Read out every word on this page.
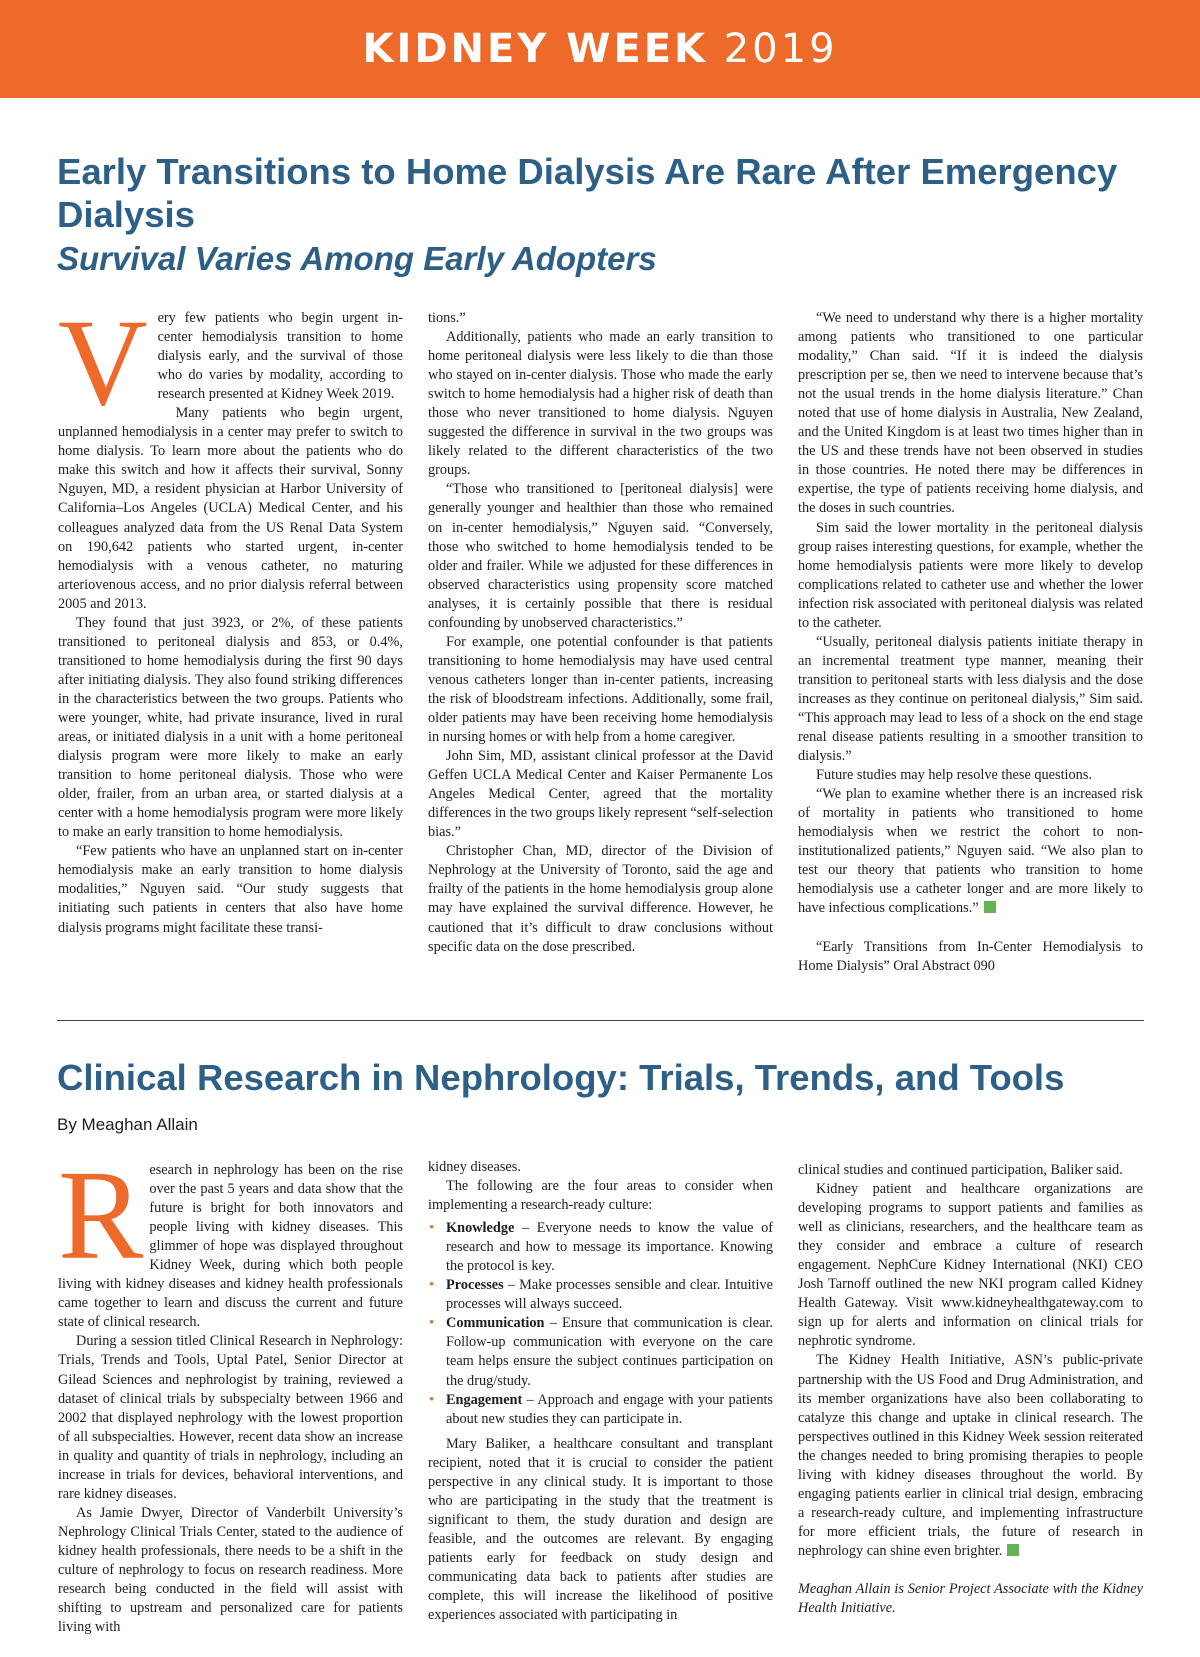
KIDNEY WEEK 2019
Early Transitions to Home Dialysis Are Rare After Emergency Dialysis
Survival Varies Among Early Adopters

Very few patients who begin urgent in-center hemodialysis transition to home dialysis early, and the survival of those who do varies by modality, according to research presented at Kidney Week 2019.

Many patients who begin urgent, unplanned hemodialysis in a center may prefer to switch to home dialysis. To learn more about the patients who do make this switch and how it affects their survival, Sonny Nguyen, MD, a resident physician at Harbor University of California–Los Angeles (UCLA) Medical Center, and his colleagues analyzed data from the US Renal Data System on 190,642 patients who started urgent, in-center hemodialysis with a venous catheter, no maturing arteriovenous access, and no prior dialysis referral between 2005 and 2013.

They found that just 3923, or 2%, of these patients transitioned to peritoneal dialysis and 853, or 0.4%, transitioned to home hemodialysis during the first 90 days after initiating dialysis. They also found striking differences in the characteristics between the two groups. Patients who were younger, white, had private insurance, lived in rural areas, or initiated dialysis in a unit with a home peritoneal dialysis program were more likely to make an early transition to home peritoneal dialysis. Those who were older, frailer, from an urban area, or started dialysis at a center with a home hemodialysis program were more likely to make an early transition to home hemodialysis.

“Few patients who have an unplanned start on in-center hemodialysis make an early transition to home dialysis modalities,” Nguyen said. “Our study suggests that initiating such patients in centers that also have home dialysis programs might facilitate these transi-

tions.”

Additionally, patients who made an early transition to home peritoneal dialysis were less likely to die than those who stayed on in-center dialysis. Those who made the early switch to home hemodialysis had a higher risk of death than those who never transitioned to home dialysis. Nguyen suggested the difference in survival in the two groups was likely related to the different characteristics of the two groups.

“Those who transitioned to [peritoneal dialysis] were generally younger and healthier than those who remained on in-center hemodialysis,” Nguyen said. “Conversely, those who switched to home hemodialysis tended to be older and frailer. While we adjusted for these differences in observed characteristics using propensity score matched analyses, it is certainly possible that there is residual confounding by unobserved characteristics.”

For example, one potential confounder is that patients transitioning to home hemodialysis may have used central venous catheters longer than in-center patients, increasing the risk of bloodstream infections. Additionally, some frail, older patients may have been receiving home hemodialysis in nursing homes or with help from a home caregiver.

John Sim, MD, assistant clinical professor at the David Geffen UCLA Medical Center and Kaiser Permanente Los Angeles Medical Center, agreed that the mortality differences in the two groups likely represent “self-selection bias.”

Christopher Chan, MD, director of the Division of Nephrology at the University of Toronto, said the age and frailty of the patients in the home hemodialysis group alone may have explained the survival difference. However, he cautioned that it’s difficult to draw conclusions without specific data on the dose prescribed.

“We need to understand why there is a higher mortality among patients who transitioned to one particular modality,” Chan said. “If it is indeed the dialysis prescription per se, then we need to intervene because that’s not the usual trends in the home dialysis literature.” Chan noted that use of home dialysis in Australia, New Zealand, and the United Kingdom is at least two times higher than in the US and these trends have not been observed in studies in those countries. He noted there may be differences in expertise, the type of patients receiving home dialysis, and the doses in such countries.

Sim said the lower mortality in the peritoneal dialysis group raises interesting questions, for example, whether the home hemodialysis patients were more likely to develop complications related to catheter use and whether the lower infection risk associated with peritoneal dialysis was related to the catheter.

“Usually, peritoneal dialysis patients initiate therapy in an incremental treatment type manner, meaning their transition to peritoneal starts with less dialysis and the dose increases as they continue on peritoneal dialysis,” Sim said. “This approach may lead to less of a shock on the end stage renal disease patients resulting in a smoother transition to dialysis.”

Future studies may help resolve these questions.

“We plan to examine whether there is an increased risk of mortality in patients who transitioned to home hemodialysis when we restrict the cohort to non-institutionalized patients,” Nguyen said. “We also plan to test our theory that patients who transition to home hemodialysis use a catheter longer and are more likely to have infectious complications.”

“Early Transitions from In-Center Hemodialysis to Home Dialysis” Oral Abstract 090

Clinical Research in Nephrology: Trials, Trends, and Tools
By Meaghan Allain

Research in nephrology has been on the rise over the past 5 years and data show that the future is bright for both innovators and people living with kidney diseases. This glimmer of hope was displayed throughout Kidney Week, during which both people living with kidney diseases and kidney health professionals came together to learn and discuss the current and future state of clinical research.

During a session titled Clinical Research in Nephrology: Trials, Trends and Tools, Uptal Patel, Senior Director at Gilead Sciences and nephrologist by training, reviewed a dataset of clinical trials by subspecialty between 1966 and 2002 that displayed nephrology with the lowest proportion of all subspecialties. However, recent data show an increase in quality and quantity of trials in nephrology, including an increase in trials for devices, behavioral interventions, and rare kidney diseases.

As Jamie Dwyer, Director of Vanderbilt University’s Nephrology Clinical Trials Center, stated to the audience of kidney health professionals, there needs to be a shift in the culture of nephrology to focus on research readiness. More research being conducted in the field will assist with shifting to upstream and personalized care for patients living with

kidney diseases.

The following are the four areas to consider when implementing a research-ready culture:

• Knowledge – Everyone needs to know the value of research and how to message its importance. Knowing the protocol is key.
• Processes – Make processes sensible and clear. Intuitive processes will always succeed.
• Communication – Ensure that communication is clear. Follow-up communication with everyone on the care team helps ensure the subject continues participation on the drug/study.
• Engagement – Approach and engage with your patients about new studies they can participate in.

Mary Baliker, a healthcare consultant and transplant recipient, noted that it is crucial to consider the patient perspective in any clinical study. It is important to those who are participating in the study that the treatment is significant to them, the study duration and design are feasible, and the outcomes are relevant. By engaging patients early for feedback on study design and communicating data back to patients after studies are complete, this will increase the likelihood of positive experiences associated with participating in

clinical studies and continued participation, Baliker said.

Kidney patient and healthcare organizations are developing programs to support patients and families as well as clinicians, researchers, and the healthcare team as they consider and embrace a culture of research engagement. NephCure Kidney International (NKI) CEO Josh Tarnoff outlined the new NKI program called Kidney Health Gateway. Visit www.kidneyhealthgateway.com to sign up for alerts and information on clinical trials for nephrotic syndrome.

The Kidney Health Initiative, ASN’s public-private partnership with the US Food and Drug Administration, and its member organizations have also been collaborating to catalyze this change and uptake in clinical research. The perspectives outlined in this Kidney Week session reiterated the changes needed to bring promising therapies to people living with kidney diseases throughout the world. By engaging patients earlier in clinical trial design, embracing a research-ready culture, and implementing infrastructure for more efficient trials, the future of research in nephrology can shine even brighter.

Meaghan Allain is Senior Project Associate with the Kidney Health Initiative.
